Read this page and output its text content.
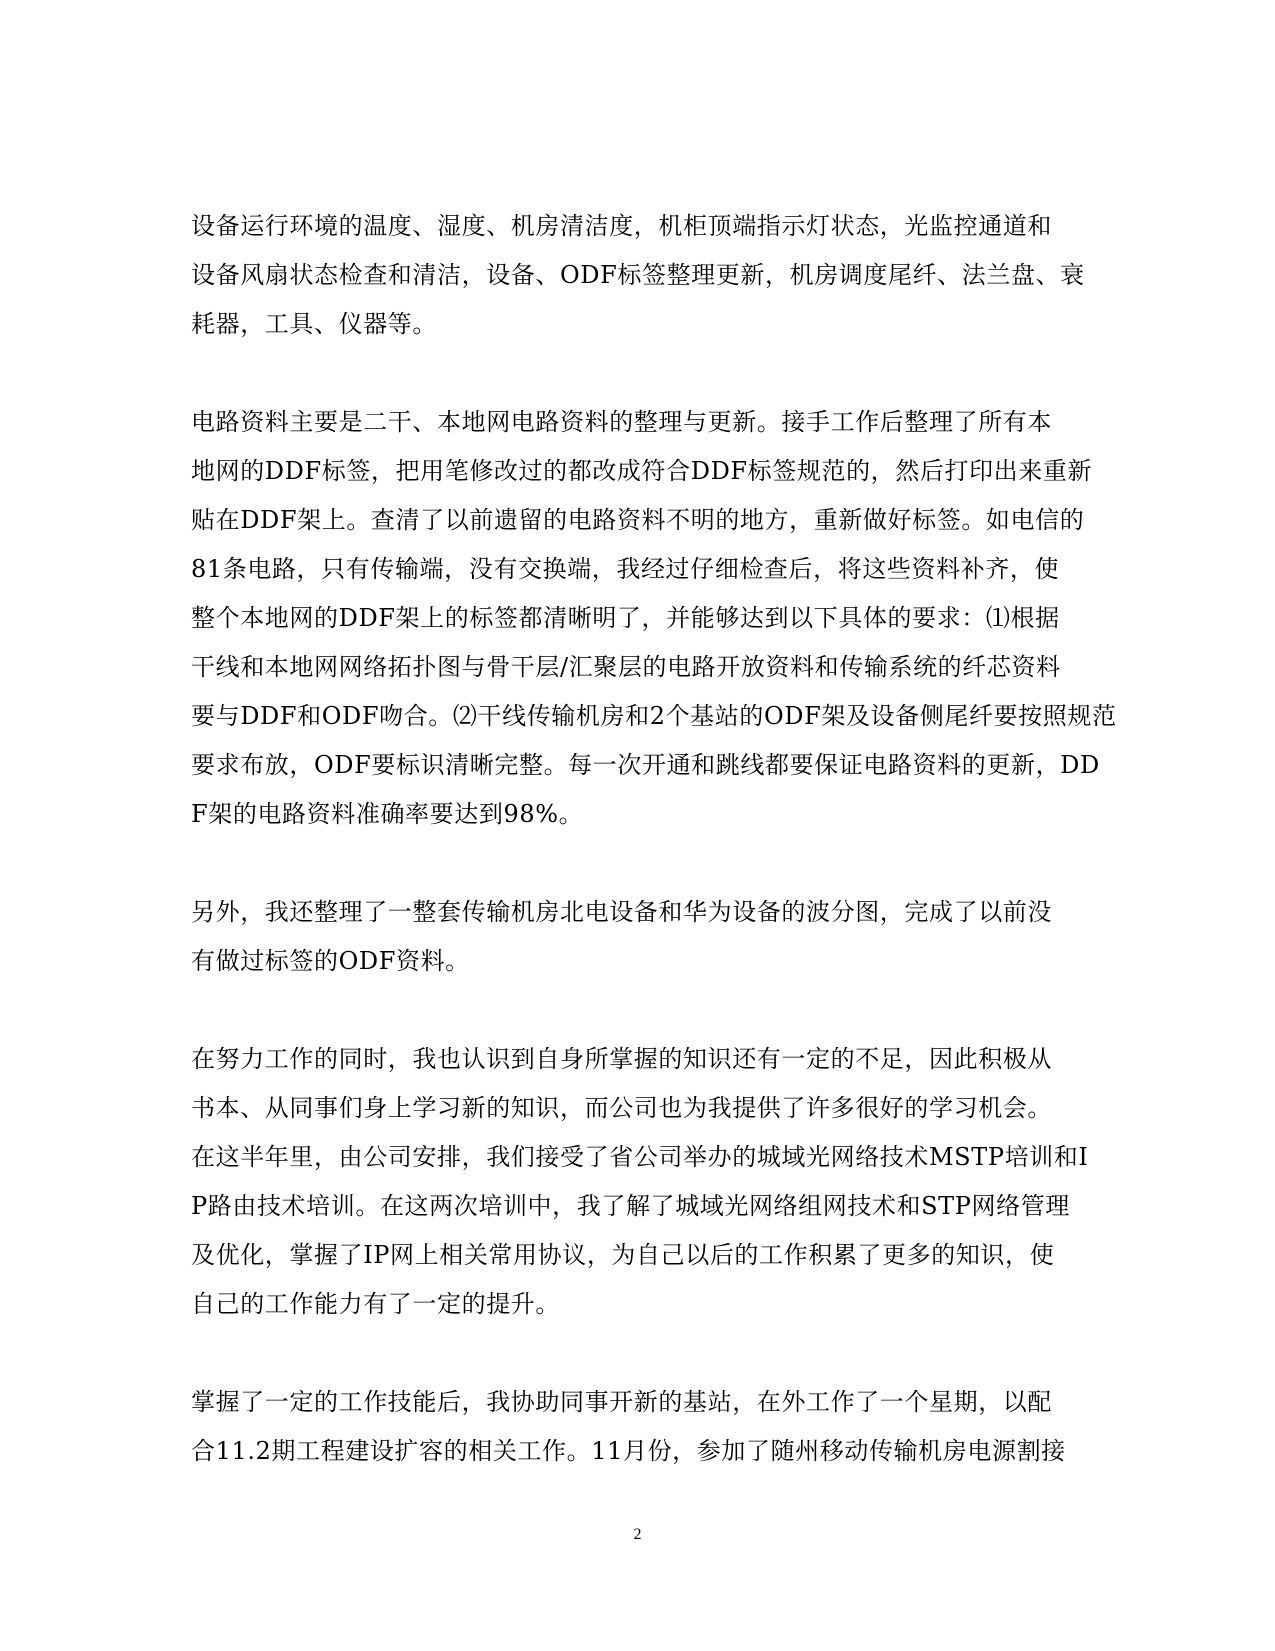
设备运行环境的温度、湿度、机房清洁度，机柜顶端指示灯状态，光监控通道和
设备风扇状态检查和清洁，设备、ODF标签整理更新，机房调度尾纤、法兰盘、衰
耗器，工具、仪器等。

电路资料主要是二干、本地网电路资料的整理与更新。接手工作后整理了所有本
地网的DDF标签，把用笔修改过的都改成符合DDF标签规范的，然后打印出来重新
贴在DDF架上。查清了以前遗留的电路资料不明的地方，重新做好标签。如电信的
81条电路，只有传输端，没有交换端，我经过仔细检查后，将这些资料补齐，使
整个本地网的DDF架上的标签都清晰明了，并能够达到以下具体的要求：⑴根据
干线和本地网网络拓扑图与骨干层/汇聚层的电路开放资料和传输系统的纤芯资料
要与DDF和ODF吻合。⑵干线传输机房和2个基站的ODF架及设备侧尾纤要按照规范
要求布放，ODF要标识清晰完整。每一次开通和跳线都要保证电路资料的更新，DD
F架的电路资料准确率要达到98%。

另外，我还整理了一整套传输机房北电设备和华为设备的波分图，完成了以前没
有做过标签的ODF资料。

在努力工作的同时，我也认识到自身所掌握的知识还有一定的不足，因此积极从
书本、从同事们身上学习新的知识，而公司也为我提供了许多很好的学习机会。
在这半年里，由公司安排，我们接受了省公司举办的城域光网络技术MSTP培训和I
P路由技术培训。在这两次培训中，我了解了城域光网络组网技术和STP网络管理
及优化，掌握了IP网上相关常用协议，为自己以后的工作积累了更多的知识，使
自己的工作能力有了一定的提升。

掌握了一定的工作技能后，我协助同事开新的基站，在外工作了一个星期，以配
合11.2期工程建设扩容的相关工作。11月份，参加了随州移动传输机房电源割接

2
